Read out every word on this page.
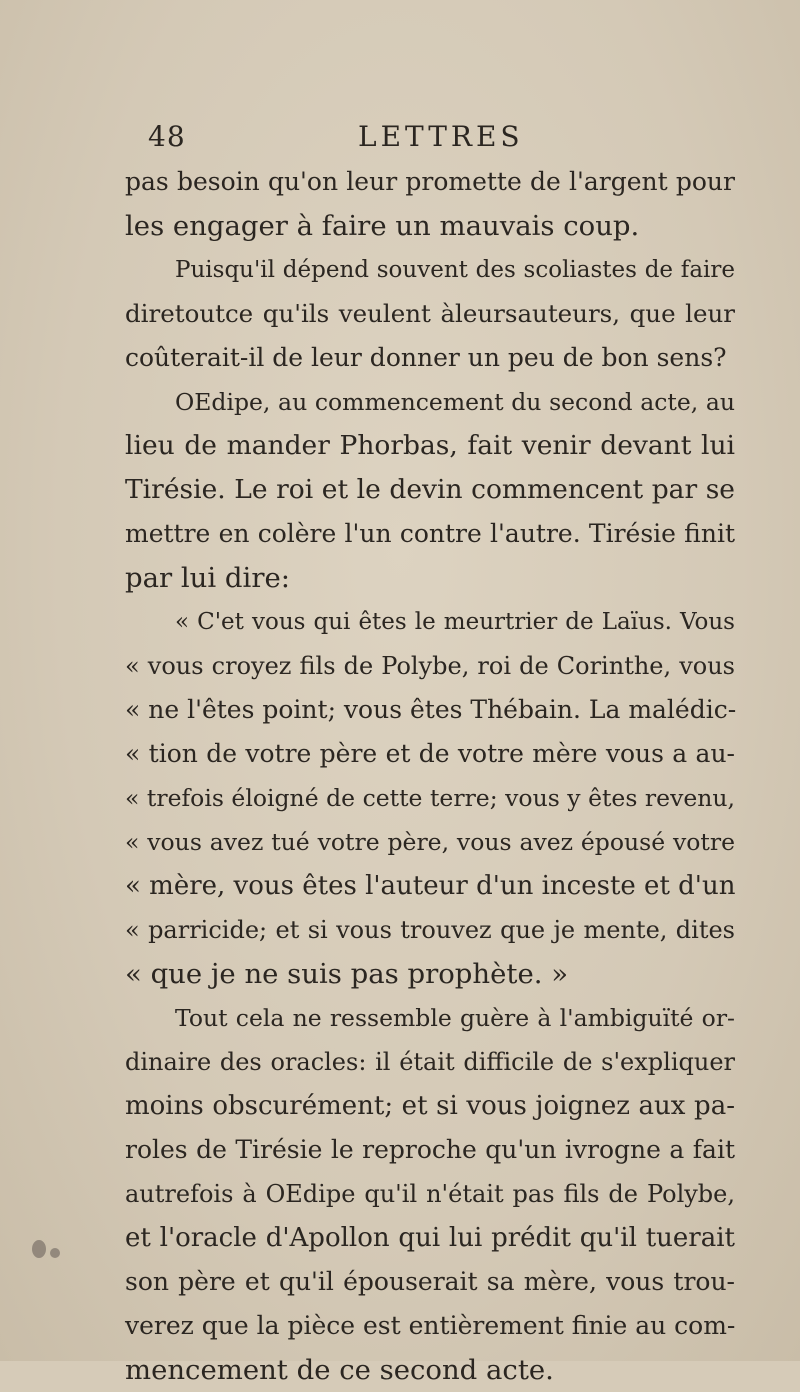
48	LETTRES
pas besoin qu'on leur promette de l'argent pour
les engager à faire un mauvais coup.
Puisqu'il dépend souvent des scoliastes de faire
diretoutce qu'ils veulent àleursauteurs, que leur
coûterait-il de leur donner un peu de bon sens?
OEdipe, au commencement du second acte, au
lieu de mander Phorbas, fait venir devant lui
Tirésie. Le roi et le devin commencent par se
mettre en colère l'un contre l'autre. Tirésie finit
par lui dire:
« C'et vous qui êtes le meurtrier de Laïus. Vous
« vous croyez fils de Polybe, roi de Corinthe, vous
« ne l'êtes point; vous êtes Thébain. La malédic-
« tion de votre père et de votre mère vous a au-
« trefois éloigné de cette terre; vous y êtes revenu,
« vous avez tué votre père, vous avez épousé votre
« mère, vous êtes l'auteur d'un inceste et d'un
« parricide; et si vous trouvez que je mente, dites
« que je ne suis pas prophète. »
Tout cela ne ressemble guère à l'ambiguïté or-
dinaire des oracles: il était difficile de s'expliquer
moins obscurément; et si vous joignez aux pa-
roles de Tirésie le reproche qu'un ivrogne a fait
autrefois à OEdipe qu'il n'était pas fils de Polybe,
et l'oracle d'Apollon qui lui prédit qu'il tuerait
son père et qu'il épouserait sa mère, vous trou-
verez que la pièce est entièrement finie au com-
mencement de ce second acte.
